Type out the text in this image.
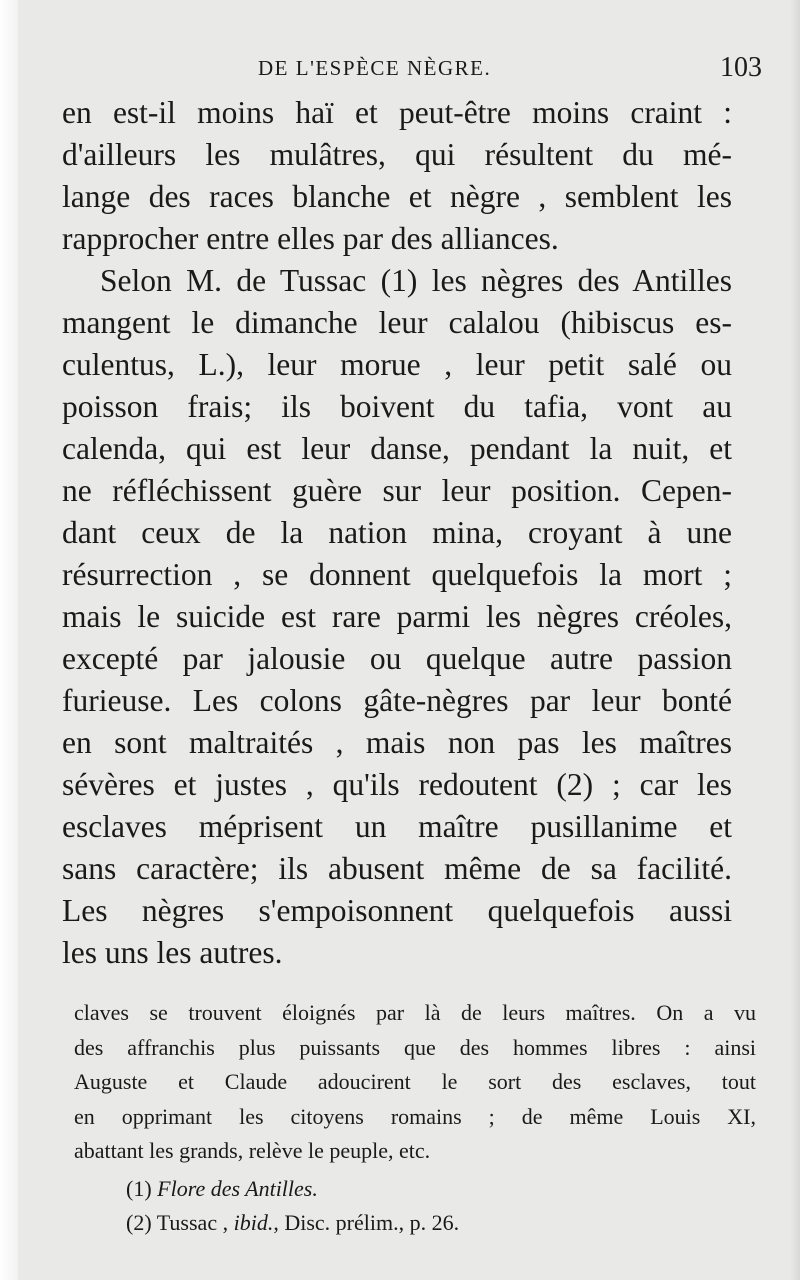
DE L'ESPÈCE NÈGRE.	103
en est-il moins haï et peut-être moins craint :
d'ailleurs les mulâtres, qui résultent du mé-
lange des races blanche et nègre , semblent les
rapprocher entre elles par des alliances.
Selon M. de Tussac (1) les nègres des Antilles
mangent le dimanche leur calalou (hibiscus es-
culentus, L.), leur morue , leur petit salé ou
poisson frais; ils boivent du tafia, vont au
calenda, qui est leur danse, pendant la nuit, et
ne réfléchissent guère sur leur position. Cepen-
dant ceux de la nation mina, croyant à une
résurrection , se donnent quelquefois la mort ;
mais le suicide est rare parmi les nègres créoles,
excepté par jalousie ou quelque autre passion
furieuse. Les colons gâte-nègres par leur bonté
en sont maltraités , mais non pas les maîtres
sévères et justes , qu'ils redoutent (2) ; car les
esclaves méprisent un maître pusillanime et
sans caractère; ils abusent même de sa facilité.
Les nègres s'empoisonnent quelquefois aussi
les uns les autres.
claves se trouvent éloignés par là de leurs maîtres. On a vu
des affranchis plus puissants que des hommes libres : ainsi
Auguste et Claude adoucirent le sort des esclaves, tout
en opprimant les citoyens romains ; de même Louis XI,
abattant les grands, relève le peuple, etc.
(1) Flore des Antilles.
(2) Tussac , ibid., Disc. prélim., p. 26.
